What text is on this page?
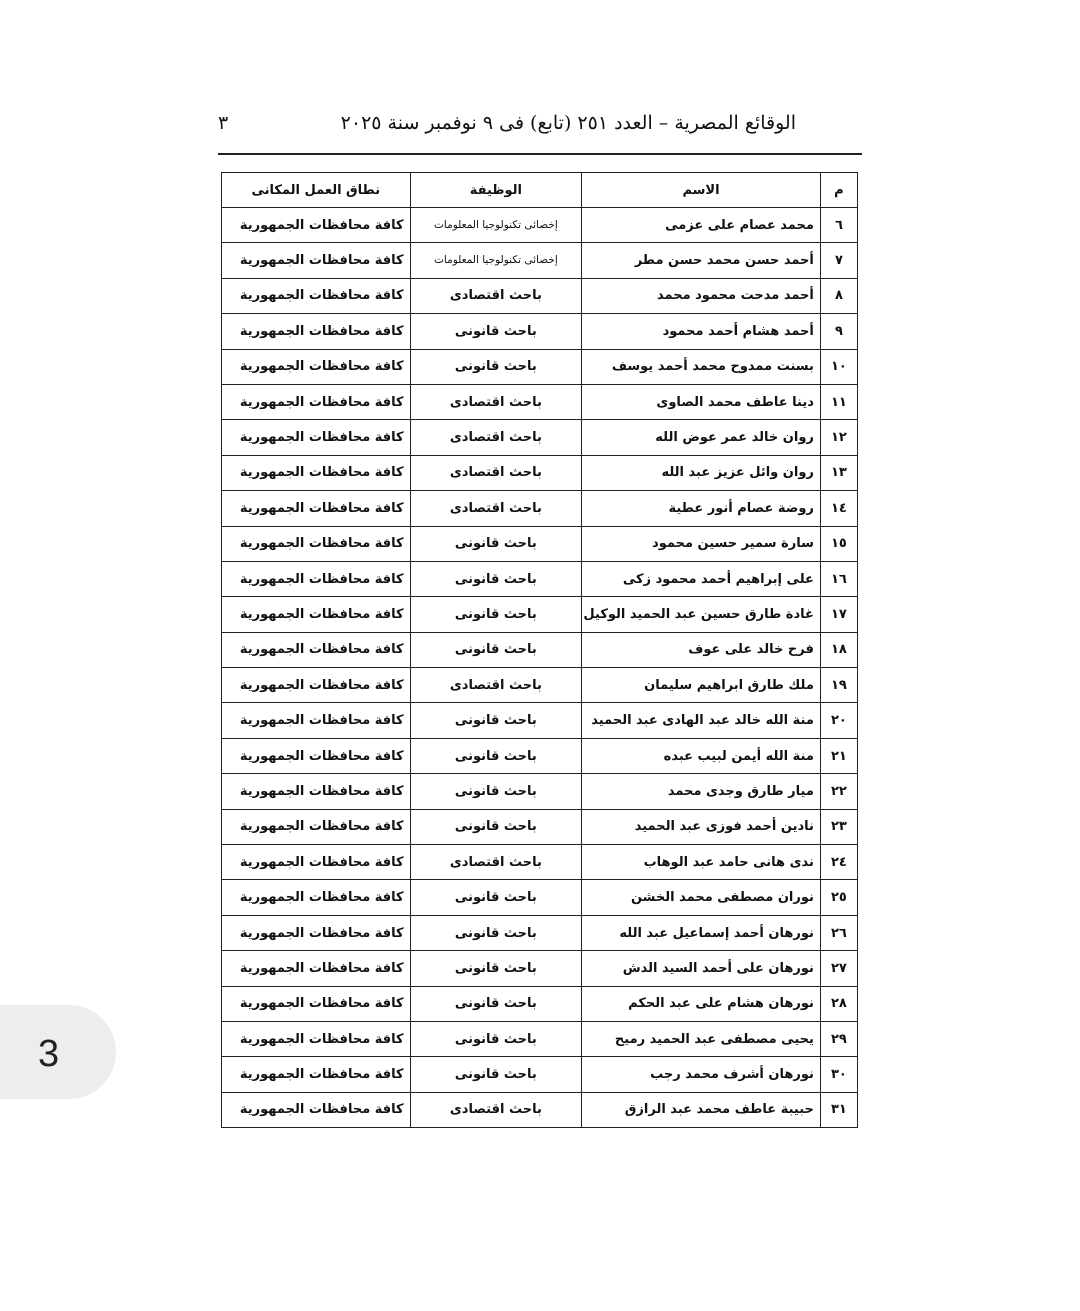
الوقائع المصرية – العدد ٢٥١ (تابع) فى ٩ نوفمبر سنة ٢٠٢٥
٣
م	الاسم	الوظيفة	نطاق العمل المكانى
٦	محمد عصام على عزمى	إخصائى تكنولوجيا المعلومات	كافة محافظات الجمهورية
٧	أحمد حسن محمد حسن مطر	إخصائى تكنولوجيا المعلومات	كافة محافظات الجمهورية
٨	أحمد مدحت محمود محمد	باحث اقتصادى	كافة محافظات الجمهورية
٩	أحمد هشام أحمد محمود	باحث قانونى	كافة محافظات الجمهورية
١٠	بسنت ممدوح محمد أحمد يوسف	باحث قانونى	كافة محافظات الجمهورية
١١	دينا عاطف محمد الصاوى	باحث اقتصادى	كافة محافظات الجمهورية
١٢	روان خالد عمر عوض الله	باحث اقتصادى	كافة محافظات الجمهورية
١٣	روان وائل عزيز عبد الله	باحث اقتصادى	كافة محافظات الجمهورية
١٤	روضة عصام أنور عطية	باحث اقتصادى	كافة محافظات الجمهورية
١٥	سارة سمير حسين محمود	باحث قانونى	كافة محافظات الجمهورية
١٦	على إبراهيم أحمد محمود زكى	باحث قانونى	كافة محافظات الجمهورية
١٧	غادة طارق حسين عبد الحميد الوكيل	باحث قانونى	كافة محافظات الجمهورية
١٨	فرح خالد على عوف	باحث قانونى	كافة محافظات الجمهورية
١٩	ملك طارق ابراهيم سليمان	باحث اقتصادى	كافة محافظات الجمهورية
٢٠	منة الله خالد عبد الهادى عبد الحميد	باحث قانونى	كافة محافظات الجمهورية
٢١	منة الله أيمن لبيب عبده	باحث قانونى	كافة محافظات الجمهورية
٢٢	ميار طارق وجدى محمد	باحث قانونى	كافة محافظات الجمهورية
٢٣	نادين أحمد فوزى عبد الحميد	باحث قانونى	كافة محافظات الجمهورية
٢٤	ندى هانى حامد عبد الوهاب	باحث اقتصادى	كافة محافظات الجمهورية
٢٥	نوران مصطفى محمد الخشن	باحث قانونى	كافة محافظات الجمهورية
٢٦	نورهان أحمد إسماعيل عبد الله	باحث قانونى	كافة محافظات الجمهورية
٢٧	نورهان على أحمد السيد الدش	باحث قانونى	كافة محافظات الجمهورية
٢٨	نورهان هشام على عبد الحكم	باحث قانونى	كافة محافظات الجمهورية
٢٩	يحيى مصطفى عبد الحميد رميح	باحث قانونى	كافة محافظات الجمهورية
٣٠	نورهان أشرف محمد رجب	باحث قانونى	كافة محافظات الجمهورية
٣١	حبيبة عاطف محمد عبد الرازق	باحث اقتصادى	كافة محافظات الجمهورية
3
